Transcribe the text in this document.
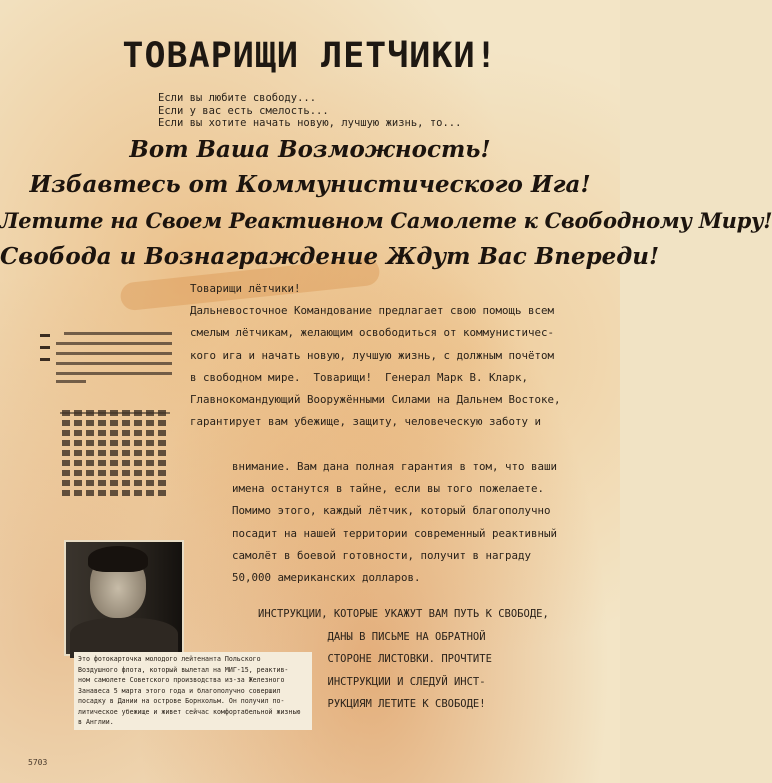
ТОВАРИЩИ ЛЕТЧИКИ!
Если вы любите свободу...
Если у вас есть смелость...
Если вы хотите начать новую, лучшую жизнь, то...
Вот Ваша Возможность!
Избавтесь от Коммунистического Ига!
Летите на Своем Реактивном Самолете к Свободному Миру!
Свобода и Вознаграждение Ждут Вас Впереди!
Товарищи лётчики!
Дальневосточное Командование предлагает свою помощь всем
смелым лётчикам, желающим освободиться от коммунистичес-
кого ига и начать новую, лучшую жизнь, с должным почётом
в свободном мире.  Товарищи!  Генерал Марк В. Кларк,
Главнокомандующий Вооружёнными Силами на Дальнем Востоке,
гарантирует вам убежище, защиту, человеческую заботу и
внимание. Вам дана полная гарантия в том, что ваши
имена останутся в тайне, если вы того пожелаете.
Помимо этого, каждый лётчик, который благополучно
посадит на нашей территории современный реактивный
самолёт в боевой готовности, получит в награду
50,000 американских долларов.
Это фотокарточка молодого лейтенанта Польского
Воздушного флота, который вылетал на МИГ-15, реактив-
ном самолете Советского производства из-за Железного
Занавеса 5 марта этого года и благополучно совершил
посадку в Дании на острове Борнхольм. Он получил по-
литическое убежище и живет сейчас комфортабельной жизнью
в Англии.
ИНСТРУКЦИИ, КОТОРЫЕ УКАЖУТ ВАМ ПУТЬ К СВОБОДЕ,
ДАНЫ В ПИСЬМЕ НА ОБРАТНОЙ
СТОРОНЕ ЛИСТОВКИ. ПРОЧТИТЕ
ИНСТРУКЦИИ И СЛЕДУЙ ИНСТ-
РУКЦИЯМ ЛЕТИТЕ К СВОБОДЕ!
5703
